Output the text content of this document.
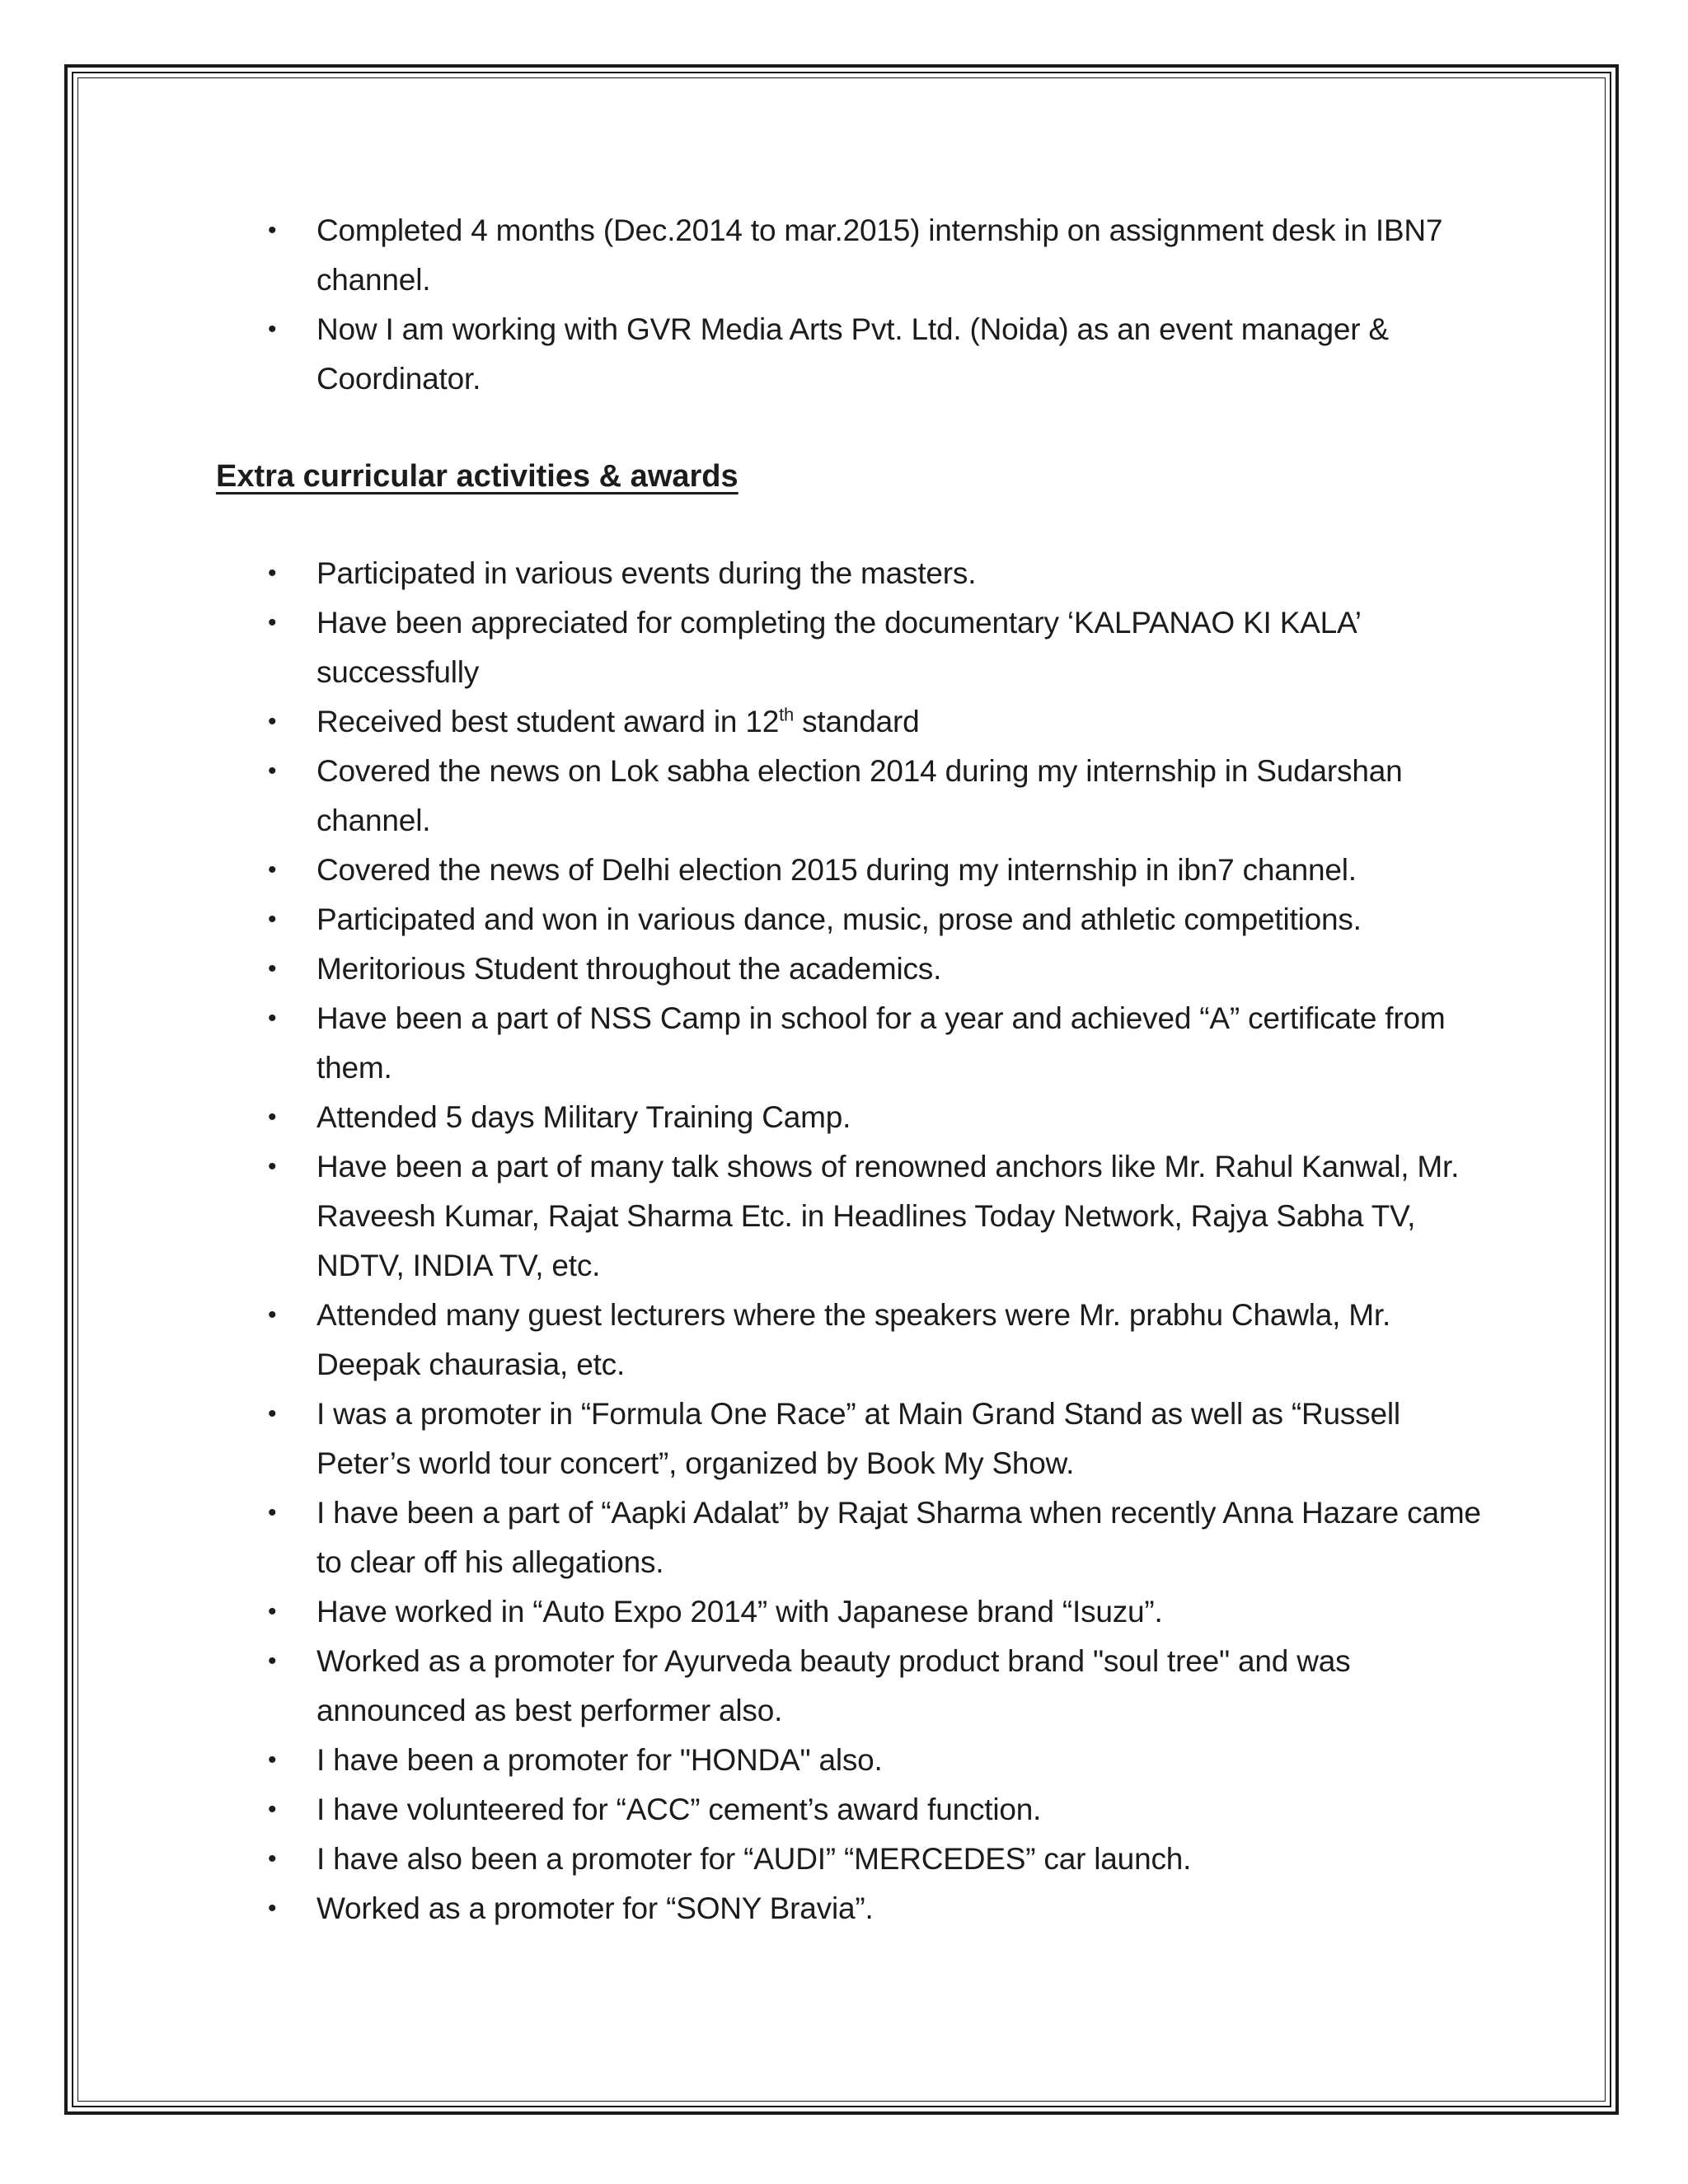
• Completed 4 months (Dec.2014 to mar.2015) internship on assignment desk in IBN7 channel.
• Now I am working with GVR Media Arts Pvt. Ltd. (Noida) as an event manager & Coordinator.
Extra curricular activities & awards
• Participated in various events during the masters.
• Have been appreciated for completing the documentary ‘KALPANAO KI KALA’ successfully
• Received best student award in 12th standard
• Covered the news on Lok sabha election 2014 during my internship in Sudarshan channel.
• Covered the news of Delhi election 2015 during my internship in ibn7 channel.
• Participated and won in various dance, music, prose and athletic competitions.
• Meritorious Student throughout the academics.
• Have been a part of NSS Camp in school for a year and achieved “A” certificate from them.
• Attended 5 days Military Training Camp.
• Have been a part of many talk shows of renowned anchors like Mr. Rahul Kanwal, Mr. Raveesh Kumar, Rajat Sharma Etc. in Headlines Today Network, Rajya Sabha TV, NDTV, INDIA TV, etc.
• Attended many guest lecturers where the speakers were Mr. prabhu Chawla, Mr. Deepak chaurasia, etc.
• I was a promoter in “Formula One Race” at Main Grand Stand as well as “Russell Peter’s world tour concert”, organized by Book My Show.
• I have been a part of “Aapki Adalat” by Rajat Sharma when recently Anna Hazare came to clear off his allegations.
• Have worked in “Auto Expo 2014” with Japanese brand “Isuzu”.
• Worked as a promoter for Ayurveda beauty product brand "soul tree" and was announced as best performer also.
• I have been a promoter for "HONDA" also.
• I have volunteered for “ACC” cement’s award function.
• I have also been a promoter for “AUDI” “MERCEDES” car launch.
• Worked as a promoter for “SONY Bravia”.
